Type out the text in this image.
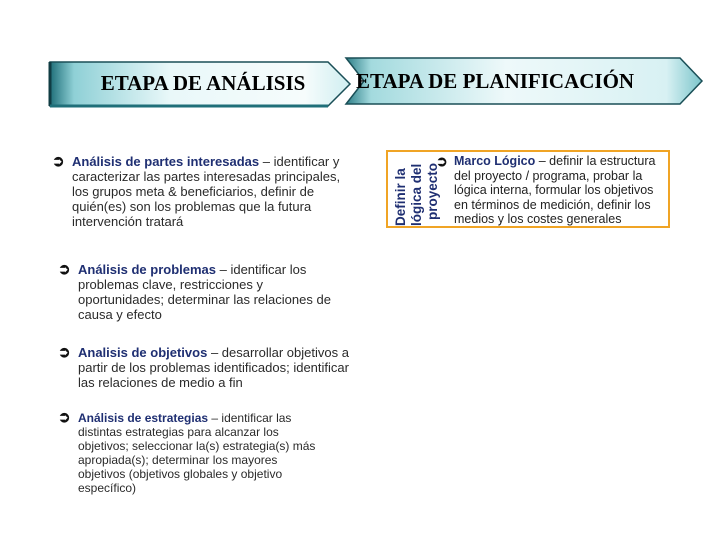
ETAPA DE ANÁLISIS	ETAPA DE PLANIFICACIÓN
➲ Análisis de partes interesadas – identificar y caracterizar las partes interesadas principales, los grupos meta & beneficiarios, definir de quién(es) son los problemas que la futura intervención tratará
➲ Análisis de problemas – identificar los problemas clave, restricciones y oportunidades; determinar las relaciones de causa y efecto
➲ Analisis de objetivos – desarrollar objetivos a partir de los problemas identificados; identificar las relaciones de medio a fin
➲ Análisis de estrategias – identificar las distintas estrategias para alcanzar los objetivos; seleccionar la(s) estrategia(s) más apropiada(s); determinar los mayores objetivos (objetivos globales y objetivo específico)
Definir la lógica del proyecto
➲ Marco Lógico – definir la estructura del proyecto / programa, probar la lógica interna, formular los objetivos en términos de medición, definir los medios y los costes generales
